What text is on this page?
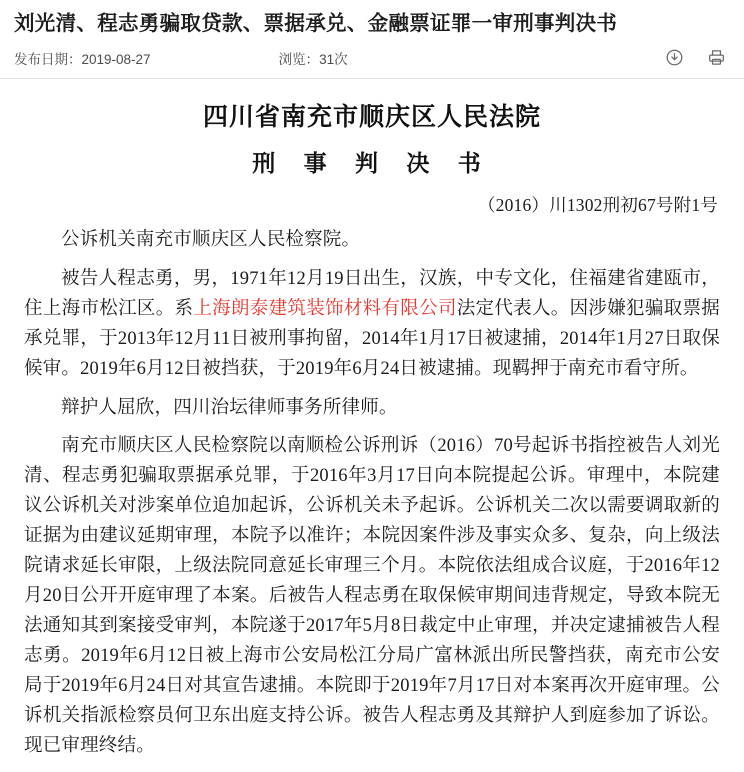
刘光清、程志勇骗取贷款、票据承兑、金融票证罪一审刑事判决书
发布日期：2019-08-27	浏览：31次
四川省南充市顺庆区人民法院
刑 事 判 决 书
（2016）川1302刑初67号附1号

公诉机关南充市顺庆区人民检察院。

被告人程志勇，男，1971年12月19日出生，汉族，中专文化，住福建省建瓯市，住上海市松江区。系上海朗泰建筑装饰材料有限公司法定代表人。因涉嫌犯骗取票据承兑罪，于2013年12月11日被刑事拘留，2014年1月17日被逮捕，2014年1月27日取保候审。2019年6月12日被挡获，于2019年6月24日被逮捕。现羁押于南充市看守所。

辩护人屈欣，四川治坛律师事务所律师。

南充市顺庆区人民检察院以南顺检公诉刑诉（2016）70号起诉书指控被告人刘光清、程志勇犯骗取票据承兑罪，于2016年3月17日向本院提起公诉。审理中，本院建议公诉机关对涉案单位追加起诉，公诉机关未予起诉。公诉机关二次以需要调取新的证据为由建议延期审理，本院予以准许；本院因案件涉及事实众多、复杂，向上级法院请求延长审限，上级法院同意延长审理三个月。本院依法组成合议庭，于2016年12月20日公开开庭审理了本案。后被告人程志勇在取保候审期间违背规定，导致本院无法通知其到案接受审判，本院遂于2017年5月8日裁定中止审理，并决定逮捕被告人程志勇。2019年6月12日被上海市公安局松江分局广富林派出所民警挡获，南充市公安局于2019年6月24日对其宣告逮捕。本院即于2019年7月17日对本案再次开庭审理。公诉机关指派检察员何卫东出庭支持公诉。被告人程志勇及其辩护人到庭参加了诉讼。现已审理终结。
